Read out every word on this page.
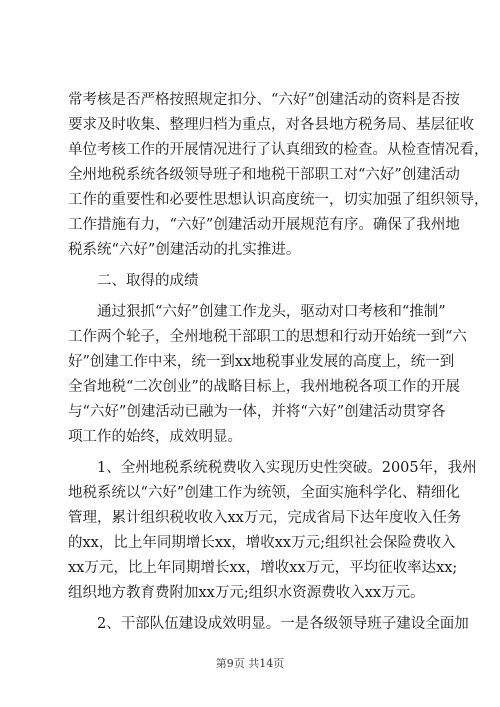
常考核是否严格按照规定扣分、“六好”创建活动的资料是否按
要求及时收集、整理归档为重点，对各县地方税务局、基层征收
单位考核工作的开展情况进行了认真细致的检查。从检查情况看，
全州地税系统各级领导班子和地税干部职工对“六好”创建活动
工作的重要性和必要性思想认识高度统一，切实加强了组织领导，
工作措施有力，“六好”创建活动开展规范有序。确保了我州地
税系统“六好”创建活动的扎实推进。
二、取得的成绩
通过狠抓“六好”创建工作龙头，驱动对口考核和“推制”
工作两个轮子，全州地税干部职工的思想和行动开始统一到“六
好”创建工作中来，统一到xx地税事业发展的高度上，统一到
全省地税“二次创业”的战略目标上，我州地税各项工作的开展
与“六好”创建活动已融为一体，并将“六好”创建活动贯穿各
项工作的始终，成效明显。
1、全州地税系统税费收入实现历史性突破。2005年，我州
地税系统以“六好”创建工作为统领，全面实施科学化、精细化
管理，累计组织税收收入xx万元，完成省局下达年度收入任务
的xx，比上年同期增长xx，增收xx万元;组织社会保险费收入
xx万元，比上年同期增长xx，增收xx万元，平均征收率达xx;
组织地方教育费附加xx万元;组织水资源费收入xx万元。
2、干部队伍建设成效明显。一是各级领导班子建设全面加
第9页 共14页
